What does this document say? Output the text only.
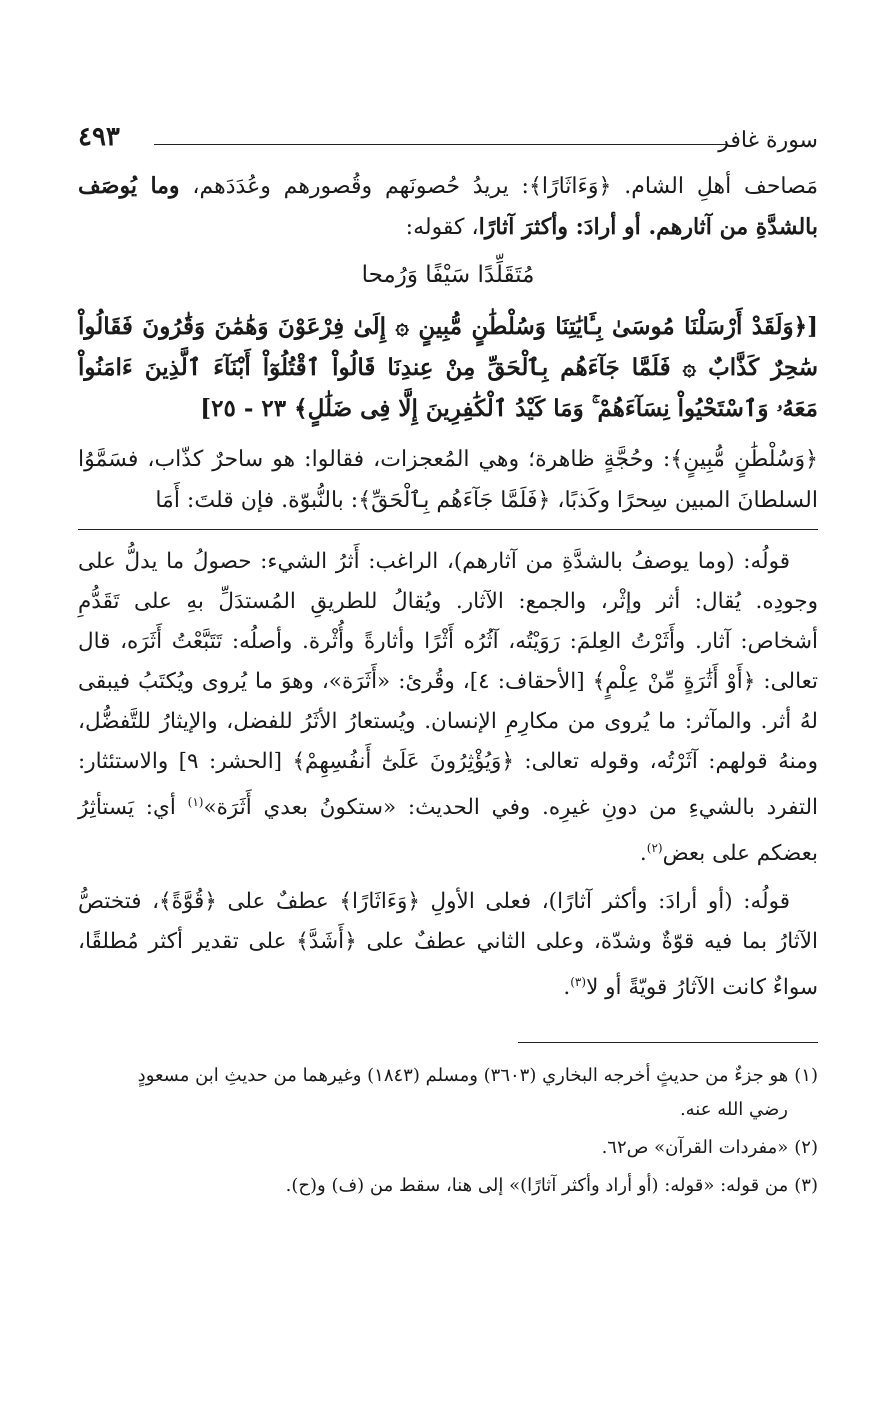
سورة غافر
٤٩٣
مَصاحف أهلِ الشام. ﴿وَءَاثَارًا﴾: يريدُ حُصونَهم وقُصورهم وعُدَدَهم، وما يُوصَف بالشدَّةِ من آثارهم. أو أرادَ: وأكثرَ آثارًا، كقوله:
مُتَقَلِّدًا سَيْفًا وَرُمحا
[﴿وَلَقَدْ أَرْسَلْنَا مُوسَىٰ بِـَٔايَٰتِنَا وَسُلْطَٰنٍ مُّبِينٍ ۞ إِلَىٰ فِرْعَوْنَ وَهَٰمَٰنَ وَقَٰرُونَ فَقَالُواْ سَٰحِرٌ كَذَّابٌ ۞ فَلَمَّا جَآءَهُم بِٱلْحَقِّ مِنْ عِندِنَا قَالُواْ ٱقْتُلُوٓاْ أَبْنَآءَ ٱلَّذِينَ ءَامَنُواْ مَعَهُۥ وَٱسْتَحْيُواْ نِسَآءَهُمْ ۚ وَمَا كَيْدُ ٱلْكَٰفِرِينَ إِلَّا فِى ضَلَٰلٍ﴾ ٢٣ - ٢٥]
﴿وَسُلْطَٰنٍ مُّبِينٍ﴾: وحُجَّةٍ ظاهرة؛ وهي المُعجزات، فقالوا: هو ساحرٌ كذّاب، فسَمَّوُا السلطانَ المبين سِحرًا وكَذبًا، ﴿فَلَمَّا جَآءَهُم بِٱلْحَقِّ﴾: بالنُّبوّة. فإن قلتَ: أَمَا

قولُه: (وما يوصفُ بالشدَّةِ من آثارهم)، الراغب: أَثرُ الشيء: حصولُ ما يدلُّ على وجودِه. يُقال: أثر وإثْر، والجمع: الآثار. ويُقالُ للطريقِ المُستدَلِّ بهِ على تَقَدُّمِ أشخاص: آثار. وأَثَرْتُ العِلمَ: رَوَيْتُه، آثُرُه أَثْرًا وأثارةً وأُثْرة. وأصلُه: تَتَبَّعْتُ أَثَرَه، قال تعالى: ﴿أَوْ أَثَٰرَةٍ مِّنْ عِلْمٍ﴾ [الأحقاف: ٤]، وقُرئ: «أَثَرَة»، وهوَ ما يُروى ويُكتَبُ فيبقى لهُ أثر. والمآثر: ما يُروى من مكارِمِ الإنسان. ويُستعارُ الأثَرُ للفضل، والإيثارُ للتَّفضُّل، ومنهُ قولهم: آثَرْتُه، وقوله تعالى: ﴿وَيُؤْثِرُونَ عَلَىٰٓ أَنفُسِهِمْ﴾ [الحشر: ٩] والاستئثار: التفرد بالشيءِ من دونِ غيرِه. وفي الحديث: «ستكونُ بعدي أَثَرَة»$^{(١)}$ أي: يَستأثِرُ بعضكم على بعض$^{(٢)}$.

قولُه: (أو أرادَ: وأكثر آثارًا)، فعلى الأولِ ﴿وَءَاثَارًا﴾ عطفٌ على ﴿قُوَّةً﴾، فتختصُّ الآثارُ بما فيه قوّةٌ وشدّة، وعلى الثاني عطفٌ على ﴿أَشَدَّ﴾ على تقدير أكثر مُطلقًا، سواءٌ كانت الآثارُ قويّةً أو لا$^{(٣)}$.

(١)هو جزءٌ من حديثٍ أخرجه البخاري (٣٦٠٣) ومسلم (١٨٤٣) وغيرهما من حديثِ ابن مسعودٍ
رضي الله عنه.
(٢)«مفردات القرآن» ص٦٢.
(٣)من قوله: «قوله: (أو أراد وأكثر آثارًا)» إلى هنا، سقط من (ف) و(ح).
